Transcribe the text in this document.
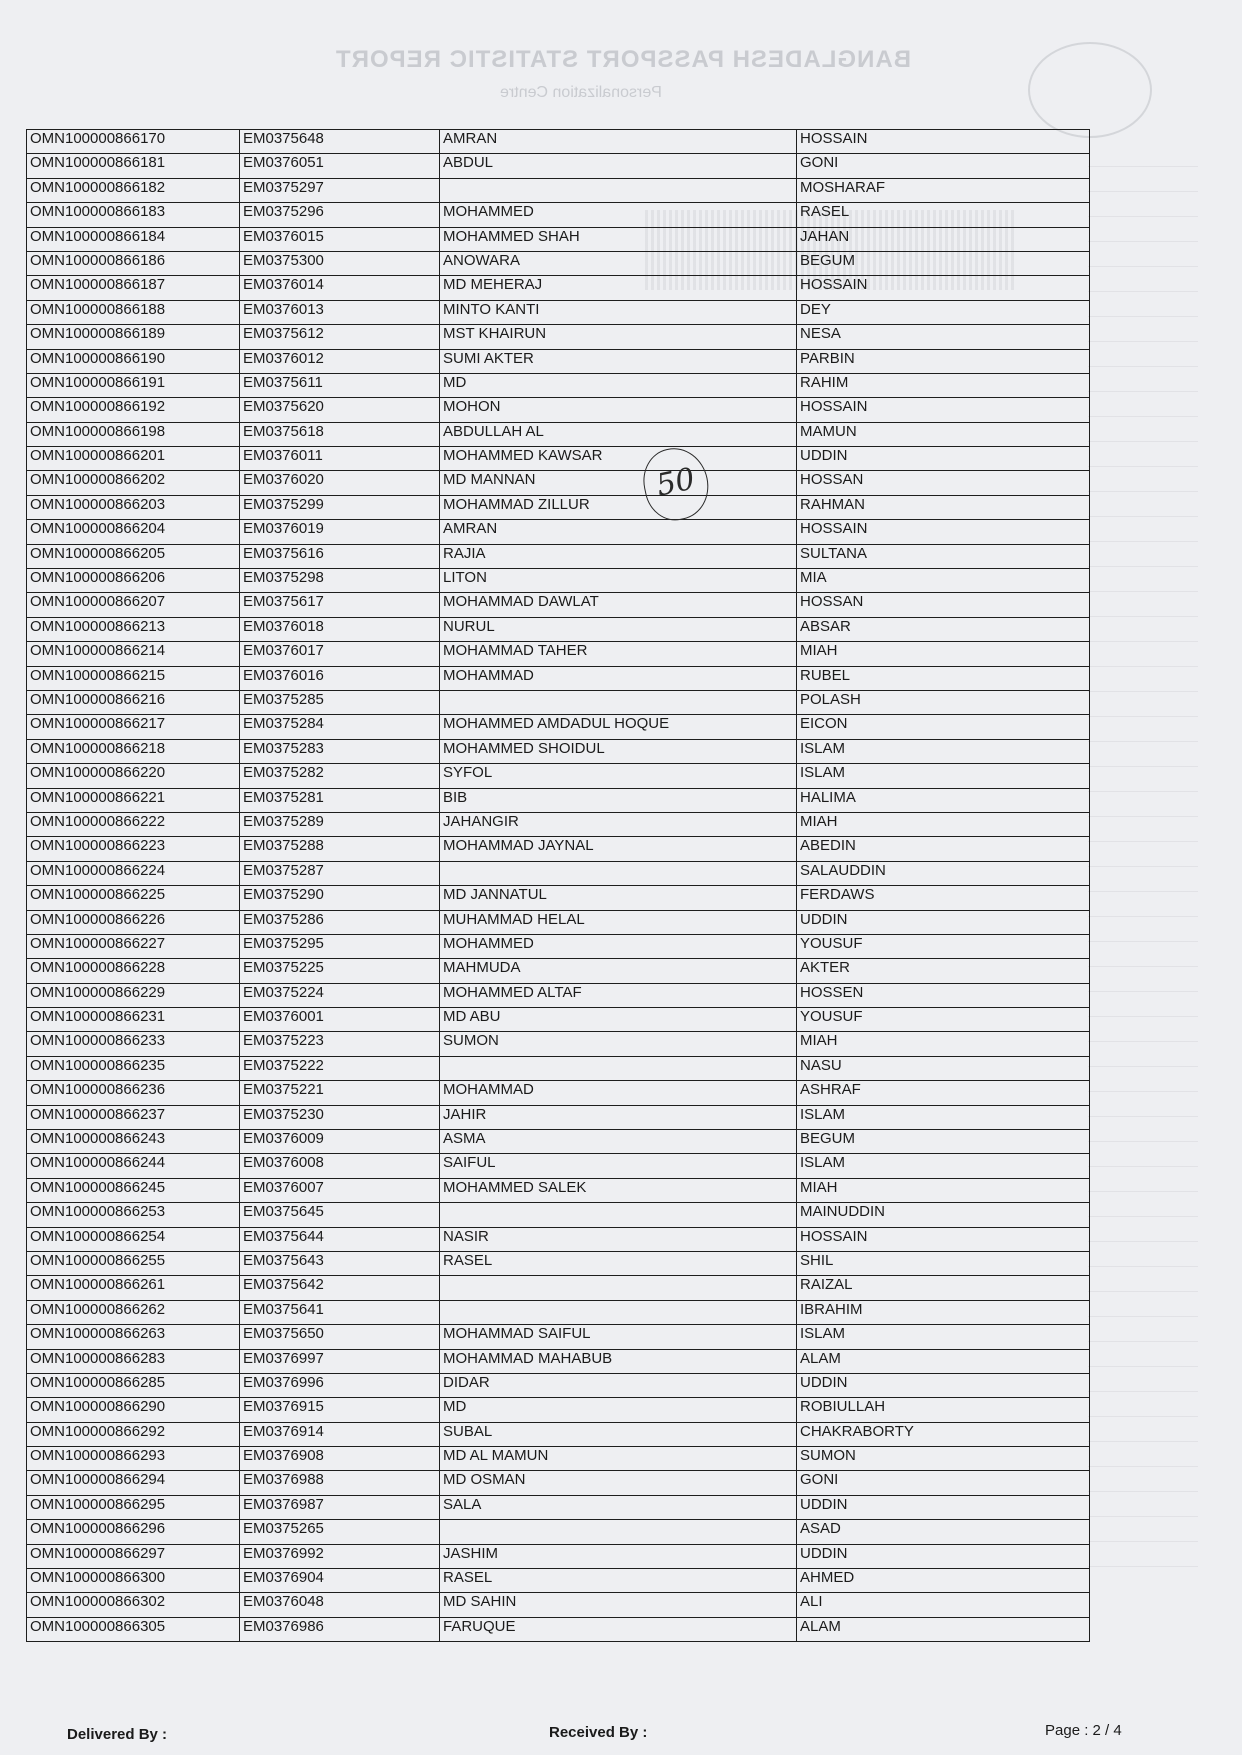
BANGLADESH PASSPORT STATISTIC REPORT
Personalization Centre
OMN100000866170	EM0375648	AMRAN	HOSSAIN
OMN100000866181	EM0376051	ABDUL	GONI
OMN100000866182	EM0375297		MOSHARAF
OMN100000866183	EM0375296	MOHAMMED	RASEL
OMN100000866184	EM0376015	MOHAMMED SHAH	JAHAN
OMN100000866186	EM0375300	ANOWARA	BEGUM
OMN100000866187	EM0376014	MD MEHERAJ	HOSSAIN
OMN100000866188	EM0376013	MINTO KANTI	DEY
OMN100000866189	EM0375612	MST KHAIRUN	NESA
OMN100000866190	EM0376012	SUMI AKTER	PARBIN
OMN100000866191	EM0375611	MD	RAHIM
OMN100000866192	EM0375620	MOHON	HOSSAIN
OMN100000866198	EM0375618	ABDULLAH AL	MAMUN
OMN100000866201	EM0376011	MOHAMMED KAWSAR	UDDIN
OMN100000866202	EM0376020	MD MANNAN	HOSSAN
OMN100000866203	EM0375299	MOHAMMAD ZILLUR	RAHMAN
OMN100000866204	EM0376019	AMRAN	HOSSAIN
OMN100000866205	EM0375616	RAJIA	SULTANA
OMN100000866206	EM0375298	LITON	MIA
OMN100000866207	EM0375617	MOHAMMAD DAWLAT	HOSSAN
OMN100000866213	EM0376018	NURUL	ABSAR
OMN100000866214	EM0376017	MOHAMMAD TAHER	MIAH
OMN100000866215	EM0376016	MOHAMMAD	RUBEL
OMN100000866216	EM0375285		POLASH
OMN100000866217	EM0375284	MOHAMMED AMDADUL HOQUE	EICON
OMN100000866218	EM0375283	MOHAMMED SHOIDUL	ISLAM
OMN100000866220	EM0375282	SYFOL	ISLAM
OMN100000866221	EM0375281	BIB	HALIMA
OMN100000866222	EM0375289	JAHANGIR	MIAH
OMN100000866223	EM0375288	MOHAMMAD JAYNAL	ABEDIN
OMN100000866224	EM0375287		SALAUDDIN
OMN100000866225	EM0375290	MD JANNATUL	FERDAWS
OMN100000866226	EM0375286	MUHAMMAD HELAL	UDDIN
OMN100000866227	EM0375295	MOHAMMED	YOUSUF
OMN100000866228	EM0375225	MAHMUDA	AKTER
OMN100000866229	EM0375224	MOHAMMED ALTAF	HOSSEN
OMN100000866231	EM0376001	MD ABU	YOUSUF
OMN100000866233	EM0375223	SUMON	MIAH
OMN100000866235	EM0375222		NASU
OMN100000866236	EM0375221	MOHAMMAD	ASHRAF
OMN100000866237	EM0375230	JAHIR	ISLAM
OMN100000866243	EM0376009	ASMA	BEGUM
OMN100000866244	EM0376008	SAIFUL	ISLAM
OMN100000866245	EM0376007	MOHAMMED SALEK	MIAH
OMN100000866253	EM0375645		MAINUDDIN
OMN100000866254	EM0375644	NASIR	HOSSAIN
OMN100000866255	EM0375643	RASEL	SHIL
OMN100000866261	EM0375642		RAIZAL
OMN100000866262	EM0375641		IBRAHIM
OMN100000866263	EM0375650	MOHAMMAD SAIFUL	ISLAM
OMN100000866283	EM0376997	MOHAMMAD MAHABUB	ALAM
OMN100000866285	EM0376996	DIDAR	UDDIN
OMN100000866290	EM0376915	MD	ROBIULLAH
OMN100000866292	EM0376914	SUBAL	CHAKRABORTY
OMN100000866293	EM0376908	MD AL MAMUN	SUMON
OMN100000866294	EM0376988	MD OSMAN	GONI
OMN100000866295	EM0376987	SALA	UDDIN
OMN100000866296	EM0375265		ASAD
OMN100000866297	EM0376992	JASHIM	UDDIN
OMN100000866300	EM0376904	RASEL	AHMED
OMN100000866302	EM0376048	MD SAHIN	ALI
OMN100000866305	EM0376986	FARUQUE	ALAM
50
Delivered By :	Received By :	Page : 2 / 4
